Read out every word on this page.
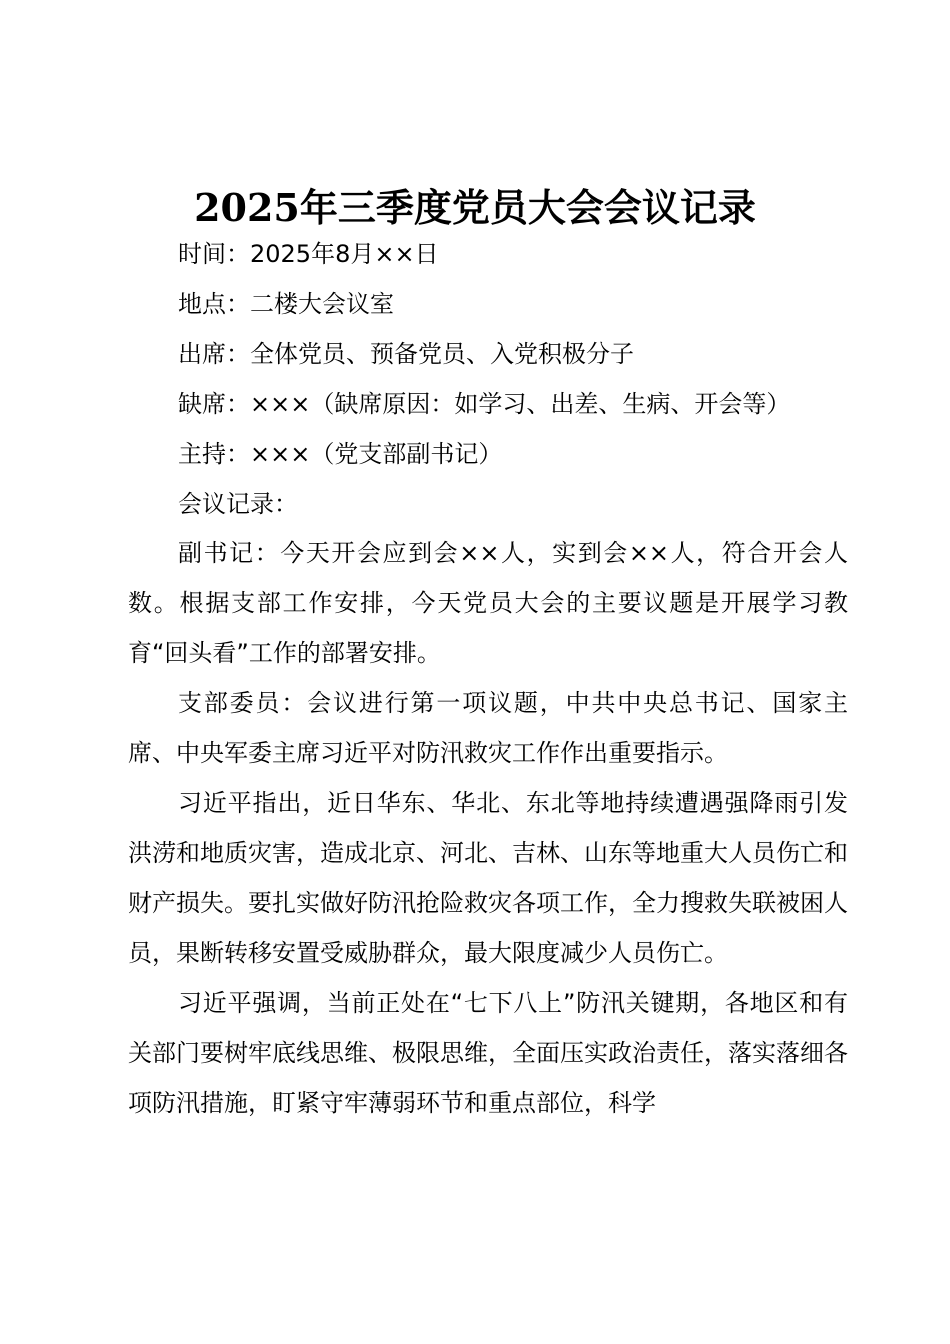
2025年三季度党员大会会议记录
时间：2025年8月××日
地点：二楼大会议室
出席：全体党员、预备党员、入党积极分子
缺席：×××（缺席原因：如学习、出差、生病、开会等）
主持：×××（党支部副书记）
会议记录：

副书记：今天开会应到会××人，实到会××人，符合开会人数。根据支部工作安排，今天党员大会的主要议题是开展学习教育“回头看”工作的部署安排。

支部委员：会议进行第一项议题，中共中央总书记、国家主席、中央军委主席习近平对防汛救灾工作作出重要指示。

习近平指出，近日华东、华北、东北等地持续遭遇强降雨引发洪涝和地质灾害，造成北京、河北、吉林、山东等地重大人员伤亡和财产损失。要扎实做好防汛抢险救灾各项工作，全力搜救失联被困人员，果断转移安置受威胁群众，最大限度减少人员伤亡。

习近平强调，当前正处在“七下八上”防汛关键期，各地区和有关部门要树牢底线思维、极限思维，全面压实政治责任，落实落细各项防汛措施，盯紧守牢薄弱环节和重点部位，科学
